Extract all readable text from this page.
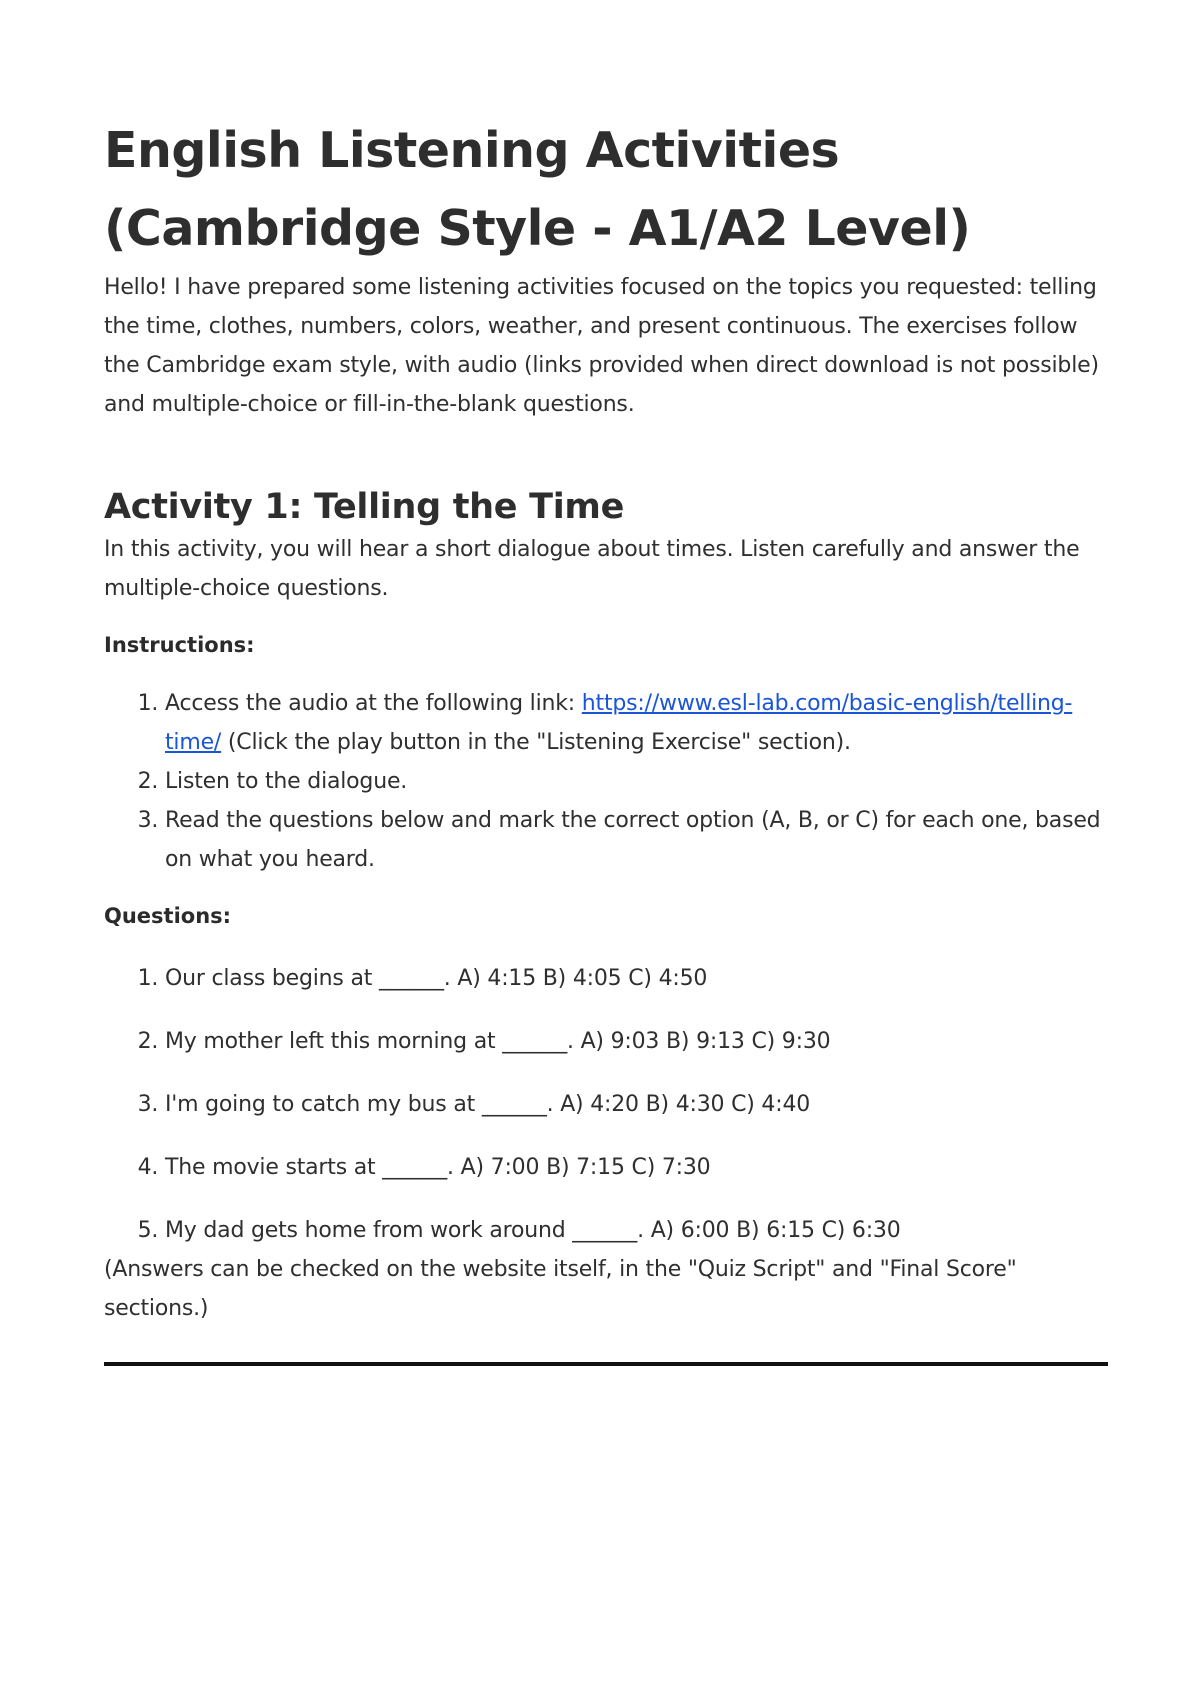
English Listening Activities (Cambridge Style - A1/A2 Level)

Hello! I have prepared some listening activities focused on the topics you requested: telling the time, clothes, numbers, colors, weather, and present continuous. The exercises follow the Cambridge exam style, with audio (links provided when direct download is not possible) and multiple-choice or fill-in-the-blank questions.

Activity 1: Telling the Time

In this activity, you will hear a short dialogue about times. Listen carefully and answer the multiple-choice questions.

Instructions:

1. Access the audio at the following link: https://www.esl-lab.com/basic-english/telling-time/ (Click the play button in the "Listening Exercise" section).
2. Listen to the dialogue.
3. Read the questions below and mark the correct option (A, B, or C) for each one, based on what you heard.

Questions:

1. Our class begins at ______. A) 4:15 B) 4:05 C) 4:50
2. My mother left this morning at ______. A) 9:03 B) 9:13 C) 9:30
3. I'm going to catch my bus at ______. A) 4:20 B) 4:30 C) 4:40
4. The movie starts at ______. A) 7:00 B) 7:15 C) 7:30
5. My dad gets home from work around ______. A) 6:00 B) 6:15 C) 6:30

(Answers can be checked on the website itself, in the "Quiz Script" and "Final Score" sections.)
